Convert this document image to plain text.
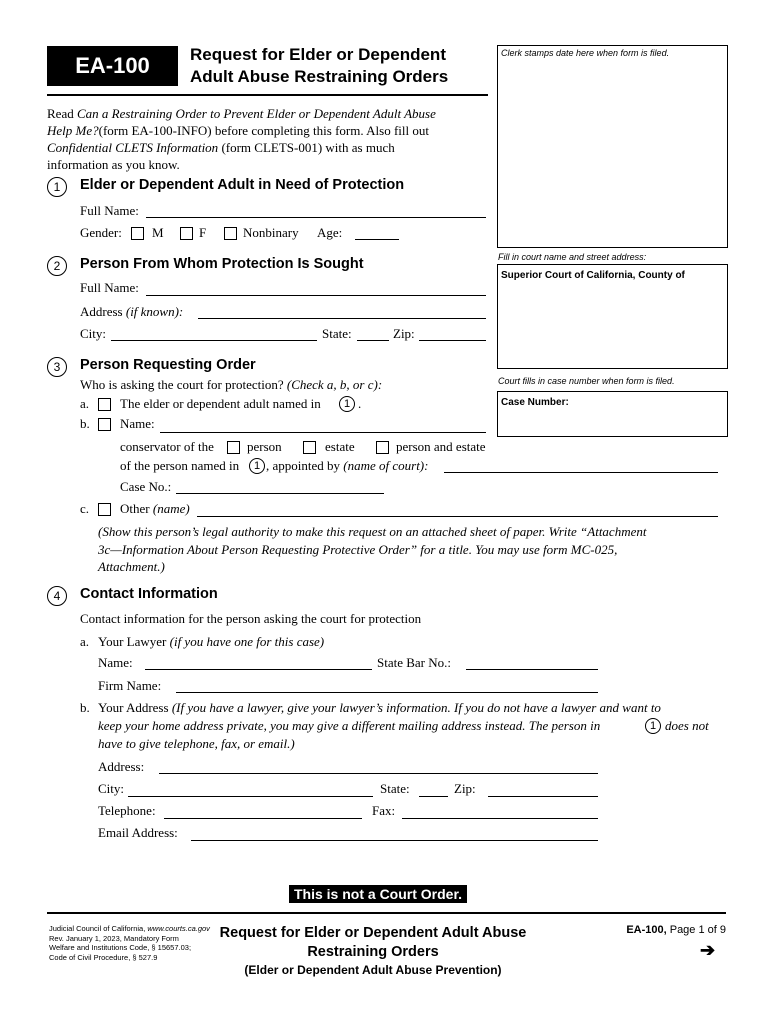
EA-100	Request for Elder or Dependent
Adult Abuse Restraining Orders
Clerk stamps date here when form is filed.
Fill in court name and street address:
Superior Court of California, County of
Court fills in case number when form is filed.
Case Number:
Read Can a Restraining Order to Prevent Elder or Dependent Adult Abuse
Help Me?(form EA-100-INFO) before completing this form. Also fill out
Confidential CLETS Information (form CLETS-001) with as much
information as you know.
1	Elder or Dependent Adult in Need of Protection
Full Name:
Gender: M	F	Nonbinary Age:
2	Person From Whom Protection Is Sought
Full Name:
Address (if known):
City:	State:	Zip:
3	Person Requesting Order
Who is asking the court for protection? (Check a, b, or c):
a. The elder or dependent adult named in	1 .
b. Name:
conservator of the	person	estate	person and estate
of the person named in	1 , appointed by (name of court):
Case No.:
c. Other (name)
(Show this person’s legal authority to make this request on an attached sheet of paper. Write “Attachment
3c—Information About Person Requesting Protective Order” for a title. You may use form MC-025,
Attachment.)
4	Contact Information
Contact information for the person asking the court for protection
a. Your Lawyer (if you have one for this case)
Name:	State Bar No.:
Firm Name:
b. Your Address (If you have a lawyer, give your lawyer’s information. If you do not have a lawyer and want to
keep your home address private, you may give a different mailing address instead. The person in	1 does not
have to give telephone, fax, or email.)
Address:
City:	State:	Zip:
Telephone:	Fax:
Email Address:
This is not a Court Order.
Judicial Council of California, www.courts.ca.gov
Rev. January 1, 2023, Mandatory Form
Welfare and Institutions Code, § 15657.03;
Code of Civil Procedure, § 527.9
Request for Elder or Dependent Adult Abuse
Restraining Orders
(Elder or Dependent Adult Abuse Prevention)
EA-100, Page 1 of 9
➔
